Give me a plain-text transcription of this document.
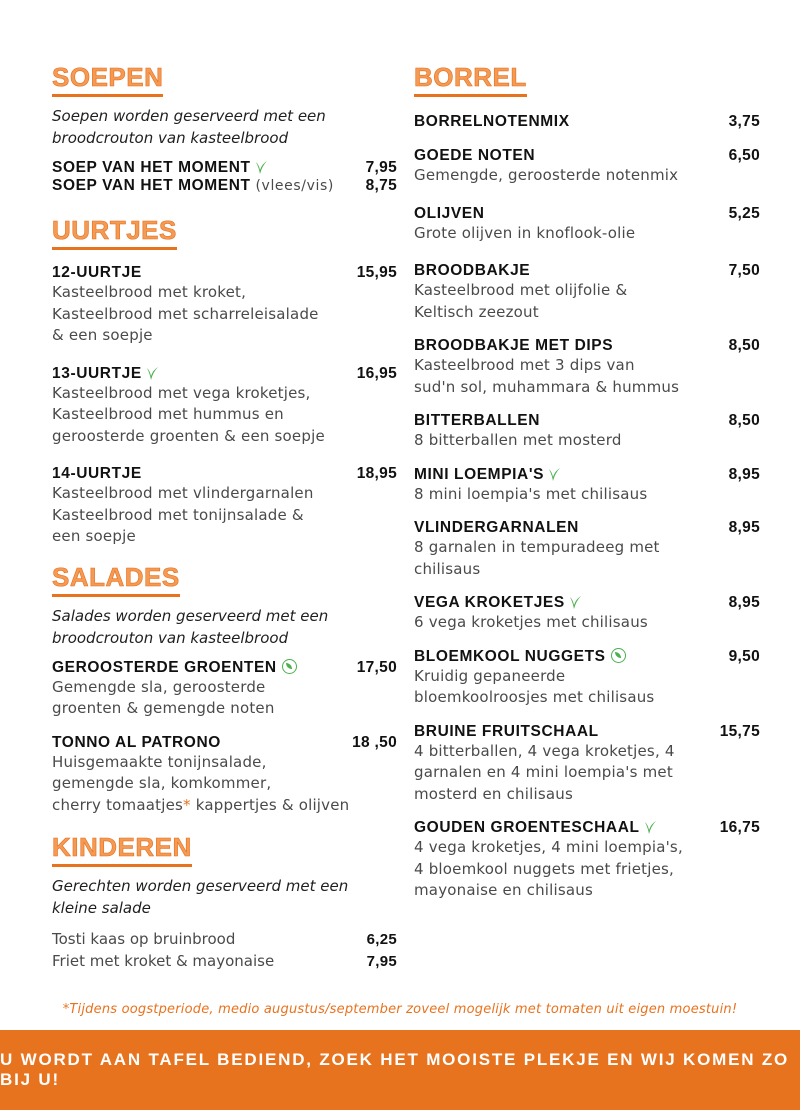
SOEPEN
Soepen worden geserveerd met een broodcrouton van kasteelbrood
SOEP VAN HET MOMENT	7,95
SOEP VAN HET MOMENT (vlees/vis) 8,75
UURTJES
12-UURTJE	15,95
Kasteelbrood met kroket,
Kasteelbrood met scharreleisalade
& een soepje
13-UURTJE	16,95
Kasteelbrood met vega kroketjes,
Kasteelbrood met hummus en
geroosterde groenten & een soepje
14-UURTJE	18,95
Kasteelbrood met vlindergarnalen
Kasteelbrood met tonijnsalade &
een soepje
SALADES
Salades worden geserveerd met een broodcrouton van kasteelbrood
GEROOSTERDE GROENTEN	17,50
Gemengde sla, geroosterde
groenten & gemengde noten
TONNO AL PATRONO	18 ,50
Huisgemaakte tonijnsalade,
gemengde sla, komkommer,
cherry tomaatjes* kappertjes & olijven
KINDEREN
Gerechten worden geserveerd met een kleine salade
Tosti kaas op bruinbrood	6,25
Friet met kroket & mayonaise	7,95
BORREL
BORRELNOTENMIX	3,75
GOEDE NOTEN	6,50
Gemengde, geroosterde notenmix
OLIJVEN	5,25
Grote olijven in knoflook-olie
BROODBAKJE	7,50
Kasteelbrood met olijfolie &
Keltisch zeezout
BROODBAKJE MET DIPS	8,50
Kasteelbrood met 3 dips van
sud'n sol, muhammara & hummus
BITTERBALLEN	8,50
8 bitterballen met mosterd
MINI LOEMPIA'S	8,95
8 mini loempia's met chilisaus
VLINDERGARNALEN	8,95
8 garnalen in tempuradeeg met
chilisaus
VEGA KROKETJES	8,95
6 vega kroketjes met chilisaus
BLOEMKOOL NUGGETS	9,50
Kruidig gepaneerde
bloemkoolroosjes met chilisaus
BRUINE FRUITSCHAAL	15,75
4 bitterballen, 4 vega kroketjes, 4
garnalen en 4 mini loempia's met
mosterd en chilisaus
GOUDEN GROENTESCHAAL	16,75
4 vega kroketjes, 4 mini loempia's,
4 bloemkool nuggets met frietjes,
mayonaise en chilisaus
*Tijdens oogstperiode, medio augustus/september zoveel mogelijk met tomaten uit eigen moestuin!
U WORDT AAN TAFEL BEDIEND, ZOEK HET MOOISTE PLEKJE EN WIJ KOMEN ZO BIJ U!
